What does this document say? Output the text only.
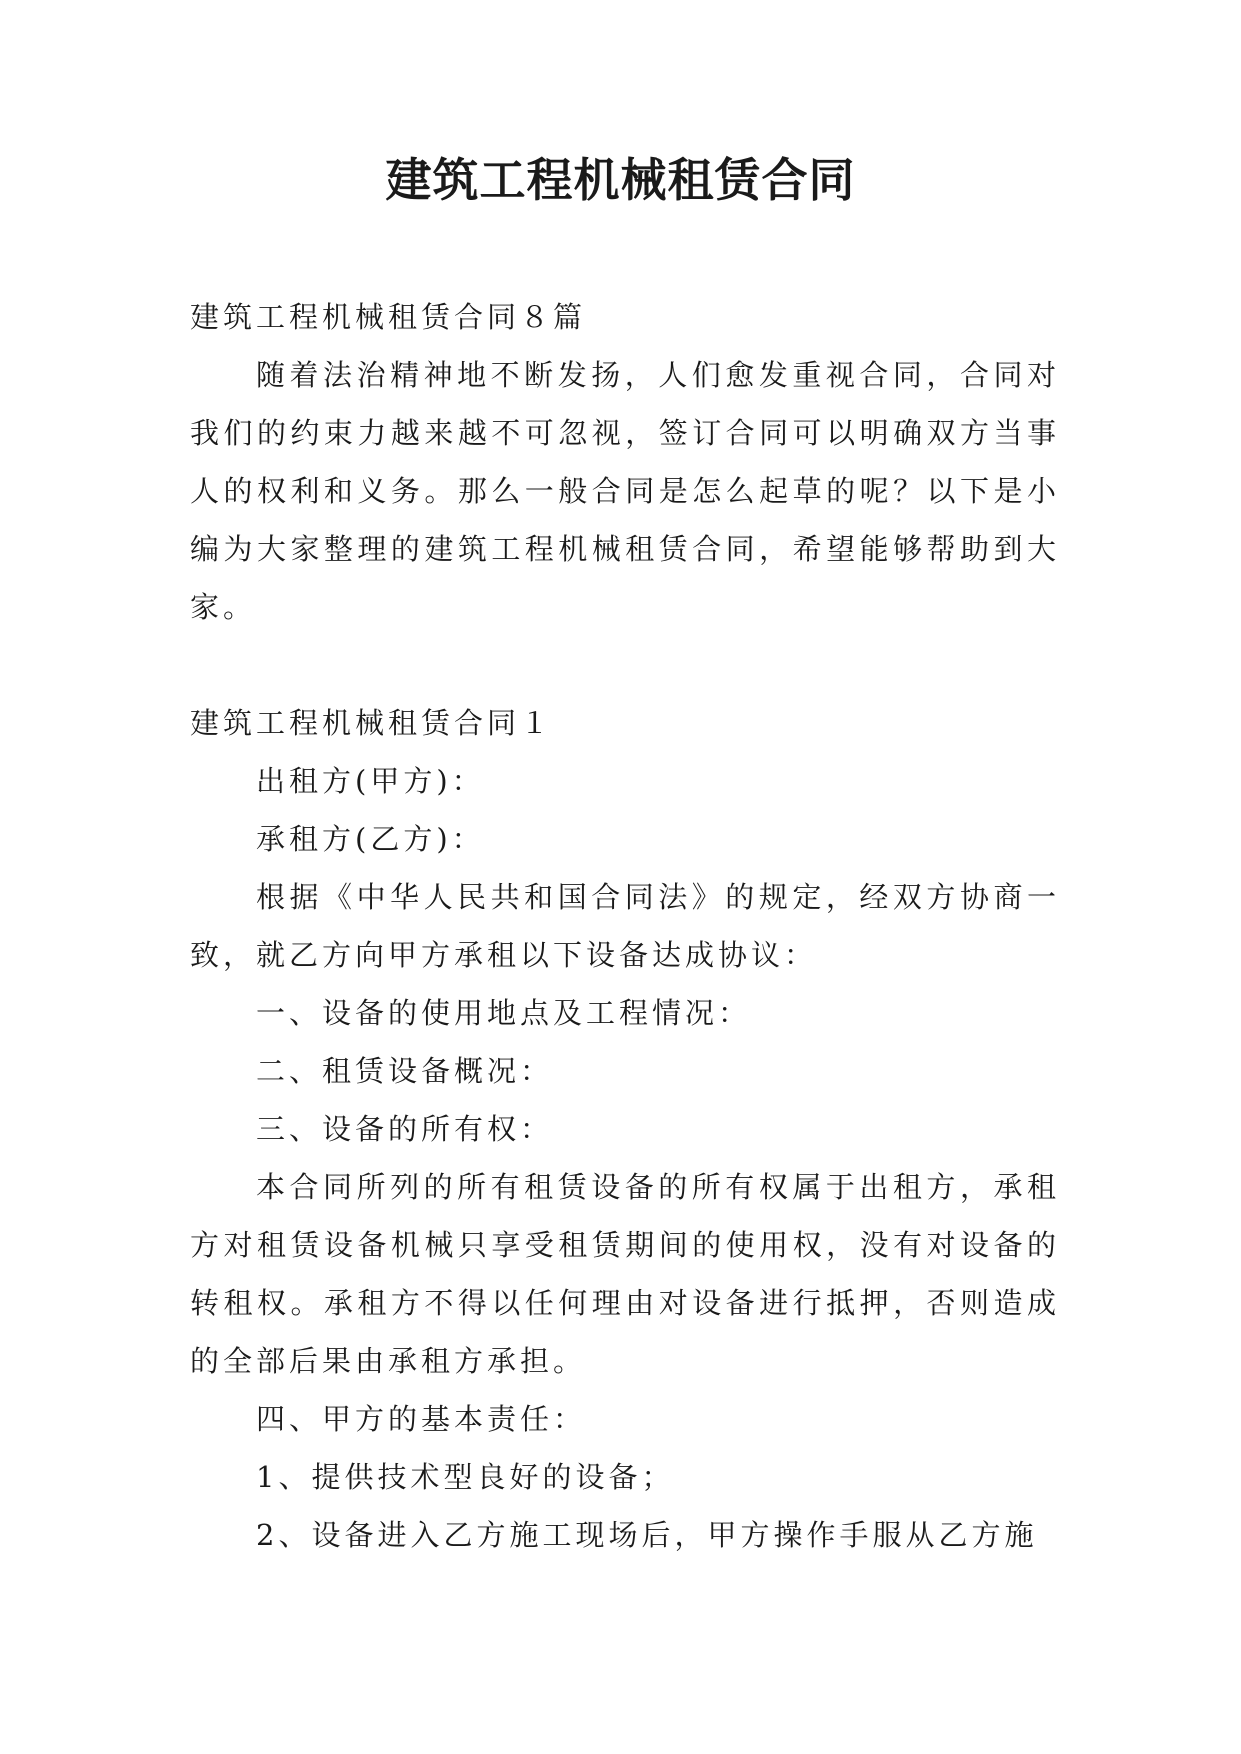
建筑工程机械租赁合同

建筑工程机械租赁合同８篇

随着法治精神地不断发扬，人们愈发重视合同，合同对我们的约束力越来越不可忽视，签订合同可以明确双方当事人的权利和义务。那么一般合同是怎么起草的呢？以下是小编为大家整理的建筑工程机械租赁合同，希望能够帮助到大家。

建筑工程机械租赁合同１

出租方(甲方)：

承租方(乙方)：

根据《中华人民共和国合同法》的规定，经双方协商一致，就乙方向甲方承租以下设备达成协议：

一、设备的使用地点及工程情况：

二、租赁设备概况：

三、设备的所有权：

本合同所列的所有租赁设备的所有权属于出租方，承租方对租赁设备机械只享受租赁期间的使用权，没有对设备的转租权。承租方不得以任何理由对设备进行抵押，否则造成的全部后果由承租方承担。

四、甲方的基本责任：

1、提供技术型良好的设备；

2、设备进入乙方施工现场后，甲方操作手服从乙方施
